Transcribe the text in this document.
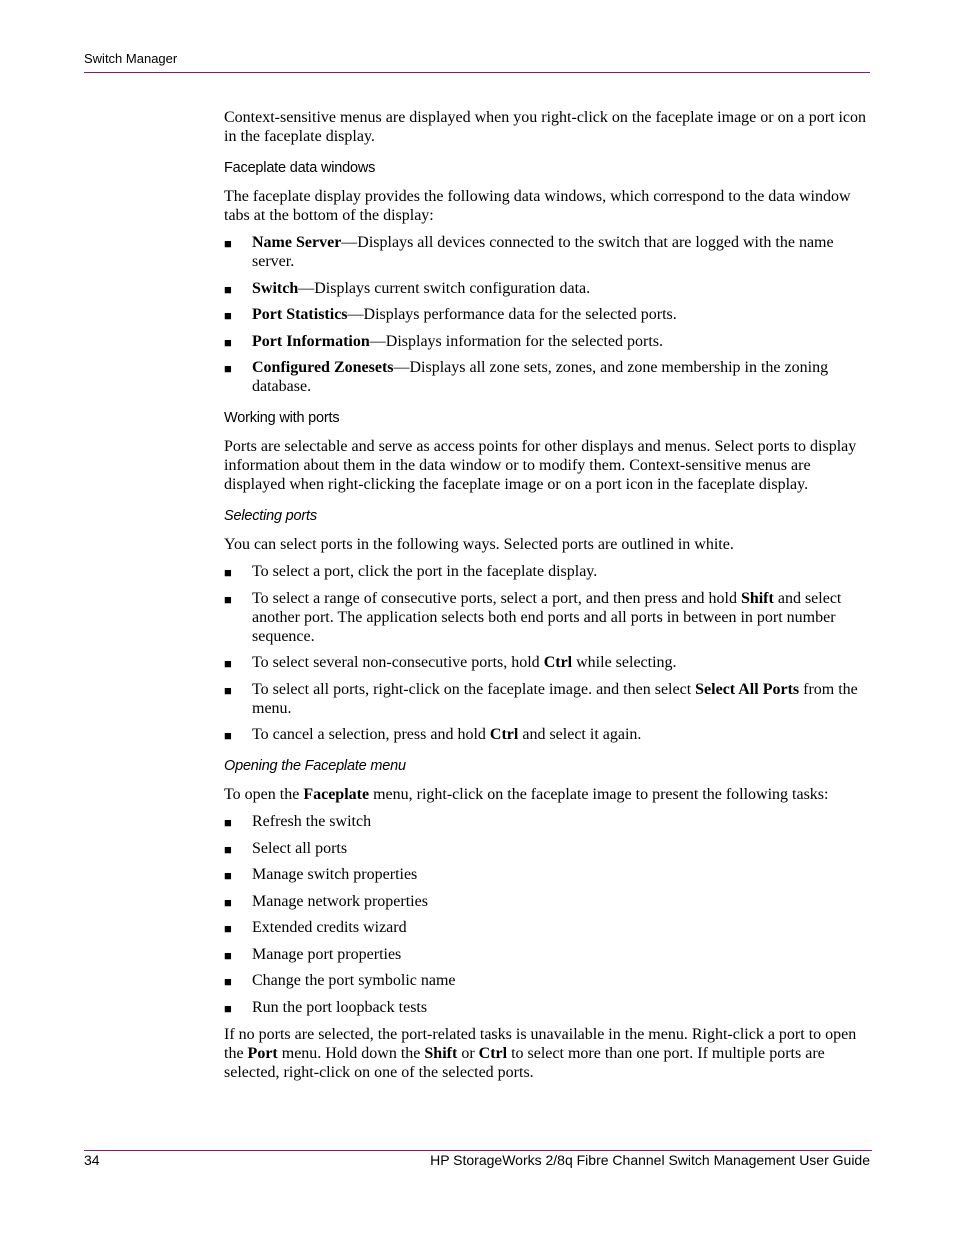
Switch Manager

Context-sensitive menus are displayed when you right-click on the faceplate image or on a port icon in the faceplate display.

Faceplate data windows

The faceplate display provides the following data windows, which correspond to the data window tabs at the bottom of the display:

■ Name Server—Displays all devices connected to the switch that are logged with the name server.
■ Switch—Displays current switch configuration data.
■ Port Statistics—Displays performance data for the selected ports.
■ Port Information—Displays information for the selected ports.
■ Configured Zonesets—Displays all zone sets, zones, and zone membership in the zoning database.
Working with ports

Ports are selectable and serve as access points for other displays and menus. Select ports to display information about them in the data window or to modify them. Context-sensitive menus are displayed when right-clicking the faceplate image or on a port icon in the faceplate display.

Selecting ports

You can select ports in the following ways. Selected ports are outlined in white.

■ To select a port, click the port in the faceplate display.
■ To select a range of consecutive ports, select a port, and then press and hold Shift and select another port. The application selects both end ports and all ports in between in port number sequence.
■ To select several non-consecutive ports, hold Ctrl while selecting.
■ To select all ports, right-click on the faceplate image. and then select Select All Ports from the menu.
■ To cancel a selection, press and hold Ctrl and select it again.
Opening the Faceplate menu

To open the Faceplate menu, right-click on the faceplate image to present the following tasks:

■ Refresh the switch
■ Select all ports
■ Manage switch properties
■ Manage network properties
■ Extended credits wizard
■ Manage port properties
■ Change the port symbolic name
■ Run the port loopback tests

If no ports are selected, the port-related tasks is unavailable in the menu. Right-click a port to open the Port menu. Hold down the Shift or Ctrl to select more than one port. If multiple ports are selected, right-click on one of the selected ports.

34	HP StorageWorks 2/8q Fibre Channel Switch Management User Guide
